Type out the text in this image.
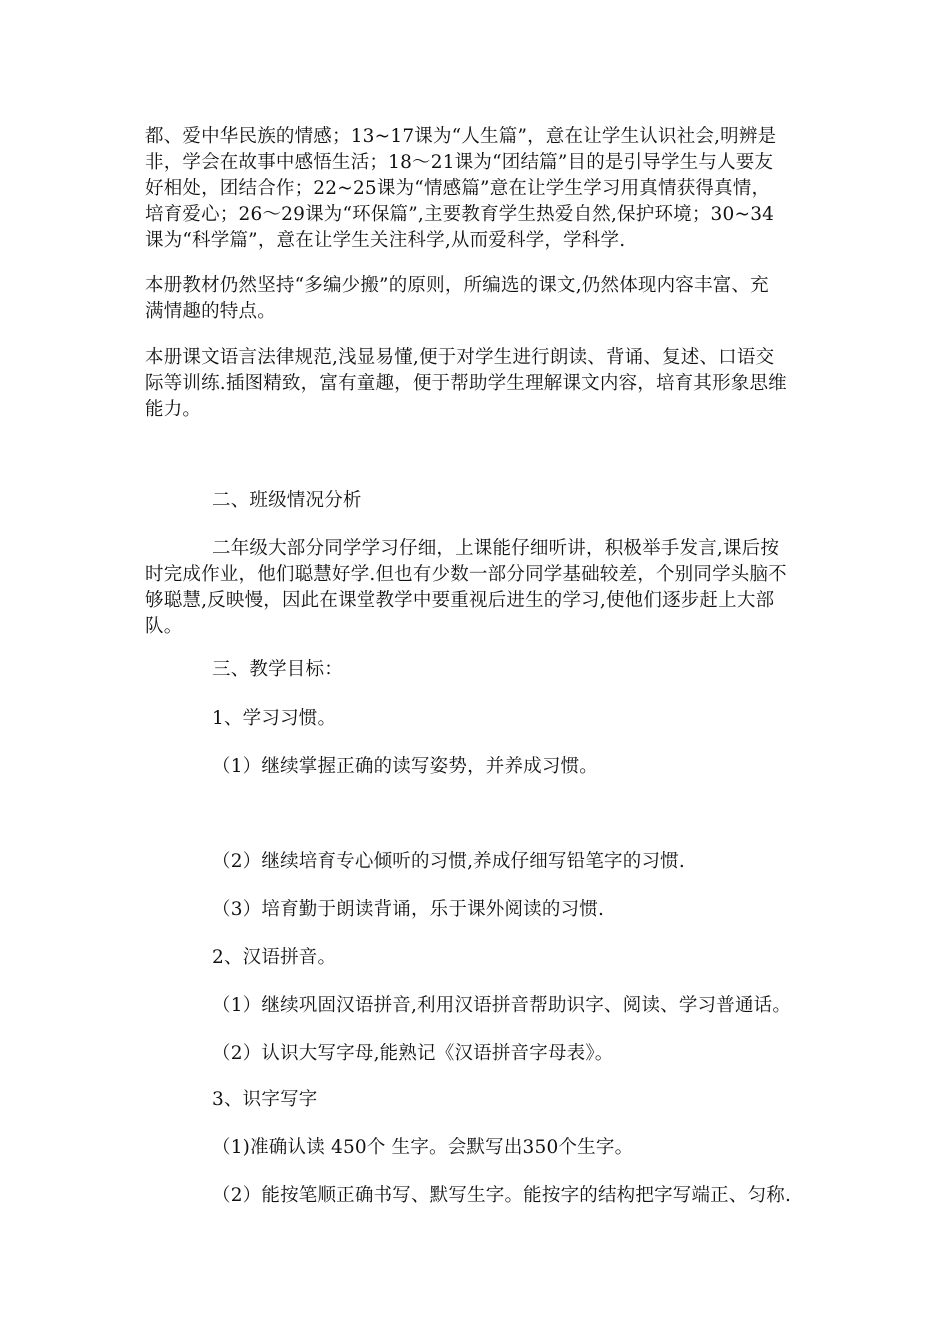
都、爱中华民族的情感；13~17课为“人生篇”，意在让学生认识社会,明辨是
非，学会在故事中感悟生活；18～21课为“团结篇”目的是引导学生与人要友
好相处，团结合作；22~25课为“情感篇”意在让学生学习用真情获得真情，
培育爱心；26～29课为“环保篇”,主要教育学生热爱自然,保护环境；30~34
课为“科学篇”，意在让学生关注科学,从而爱科学，学科学.
本册教材仍然坚持“多编少搬”的原则，所编选的课文,仍然体现内容丰富、充
满情趣的特点。
本册课文语言法律规范,浅显易懂,便于对学生进行朗读、背诵、复述、口语交
际等训练.插图精致，富有童趣，便于帮助学生理解课文内容，培育其形象思维
能力。
二、班级情况分析
二年级大部分同学学习仔细，上课能仔细听讲，积极举手发言,课后按
时完成作业，他们聪慧好学.但也有少数一部分同学基础较差，个别同学头脑不
够聪慧,反映慢，因此在课堂教学中要重视后进生的学习,使他们逐步赶上大部
队。
三、教学目标：
1、学习习惯。
（1）继续掌握正确的读写姿势，并养成习惯。
（2）继续培育专心倾听的习惯,养成仔细写铅笔字的习惯.
（3）培育勤于朗读背诵，乐于课外阅读的习惯.
2、汉语拼音。
（1）继续巩固汉语拼音,利用汉语拼音帮助识字、阅读、学习普通话。
（2）认识大写字母,能熟记《汉语拼音字母表》。
3、识字写字
（1)准确认读 450个 生字。会默写出350个生字。
（2）能按笔顺正确书写、默写生字。能按字的结构把字写端正、匀称.
